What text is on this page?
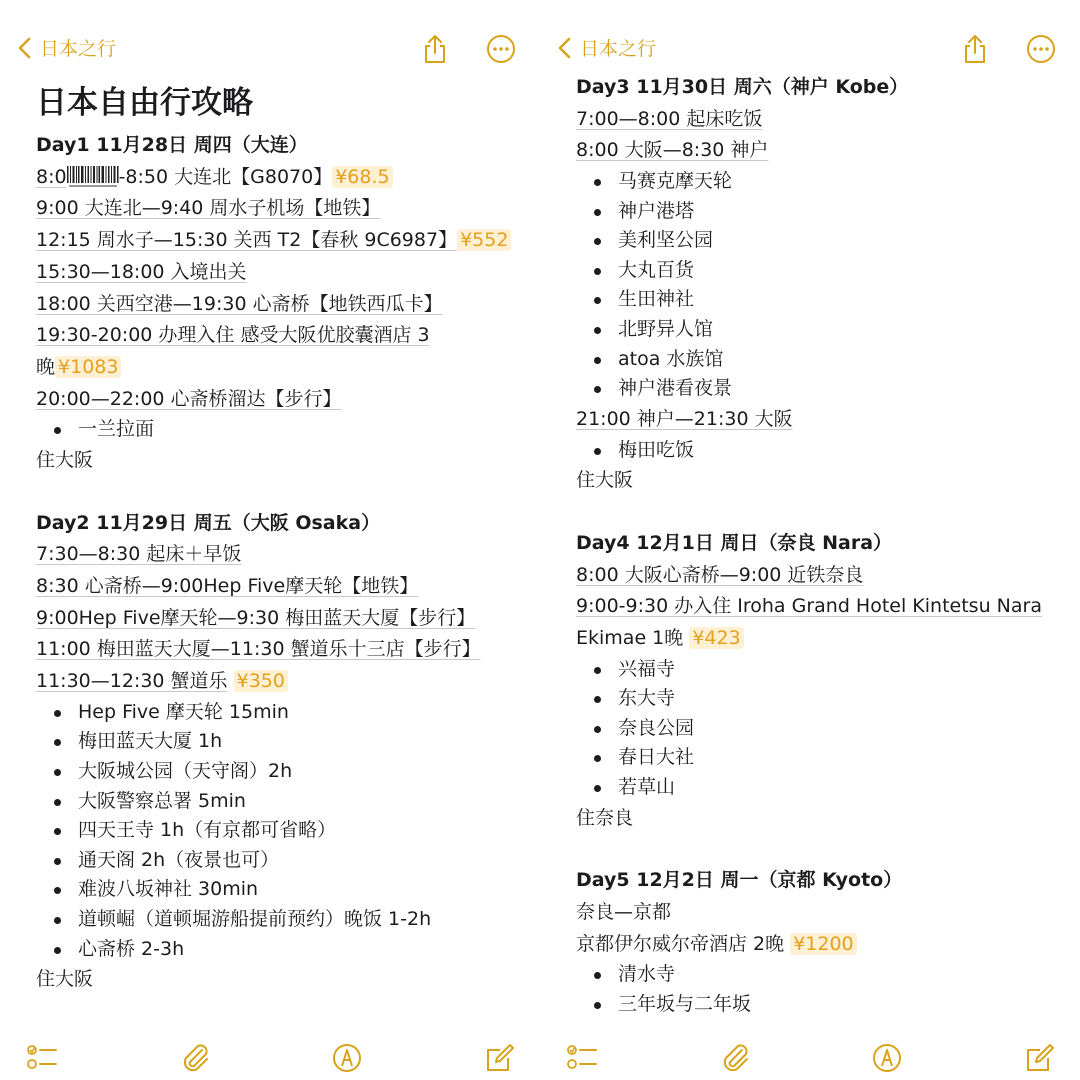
日本之行
日本自由行攻略
Day1 11月28日 周四（大连）
8:0	-8:50 大连北【G8070】 ¥68.5
9:00 大连北—9:40 周水子机场【地铁】
12:15 周水子—15:30 关西 T2【春秋 9C6987】 ¥552
15:30—18:00 入境出关
18:00 关西空港—19:30 心斋桥【地铁西瓜卡】
19:30-20:00 办理入住 感受大阪优胶囊酒店 3
晚 ¥1083
20:00—22:00 心斋桥溜达【步行】
一兰拉面
住大阪
Day2 11月29日 周五（大阪 Osaka）
7:30—8:30 起床＋早饭
8:30 心斋桥—9:00Hep Five摩天轮【地铁】
9:00Hep Five摩天轮—9:30 梅田蓝天大厦【步行】
11:00 梅田蓝天大厦—11:30 蟹道乐十三店【步行】
11:30—12:30 蟹道乐 ¥350
Hep Five 摩天轮 15min
梅田蓝天大厦 1h
大阪城公园（天守阁）2h
大阪警察总署 5min
四天王寺 1h（有京都可省略）
通天阁 2h（夜景也可）
难波八坂神社 30min
道顿崛（道顿堀游船提前预约）晚饭 1-2h
心斋桥 2-3h
住大阪
日本之行
Day3 11月30日 周六（神户 Kobe）
7:00—8:00 起床吃饭
8:00 大阪—8:30 神户
马赛克摩天轮
神户港塔
美利坚公园
大丸百货
生田神社
北野异人馆
atoa 水族馆
神户港看夜景
21:00 神户—21:30 大阪
梅田吃饭
住大阪
Day4 12月1日 周日（奈良 Nara）
8:00 大阪心斋桥—9:00 近铁奈良
9:00-9:30 办入住 Iroha Grand Hotel Kintetsu Nara
Ekimae 1晚 ¥423
兴福寺
东大寺
奈良公园
春日大社
若草山
住奈良
Day5 12月2日 周一（京都 Kyoto）
奈良—京都
京都伊尔威尔帝酒店 2晚 ¥1200
清水寺
三年坂与二年坂
